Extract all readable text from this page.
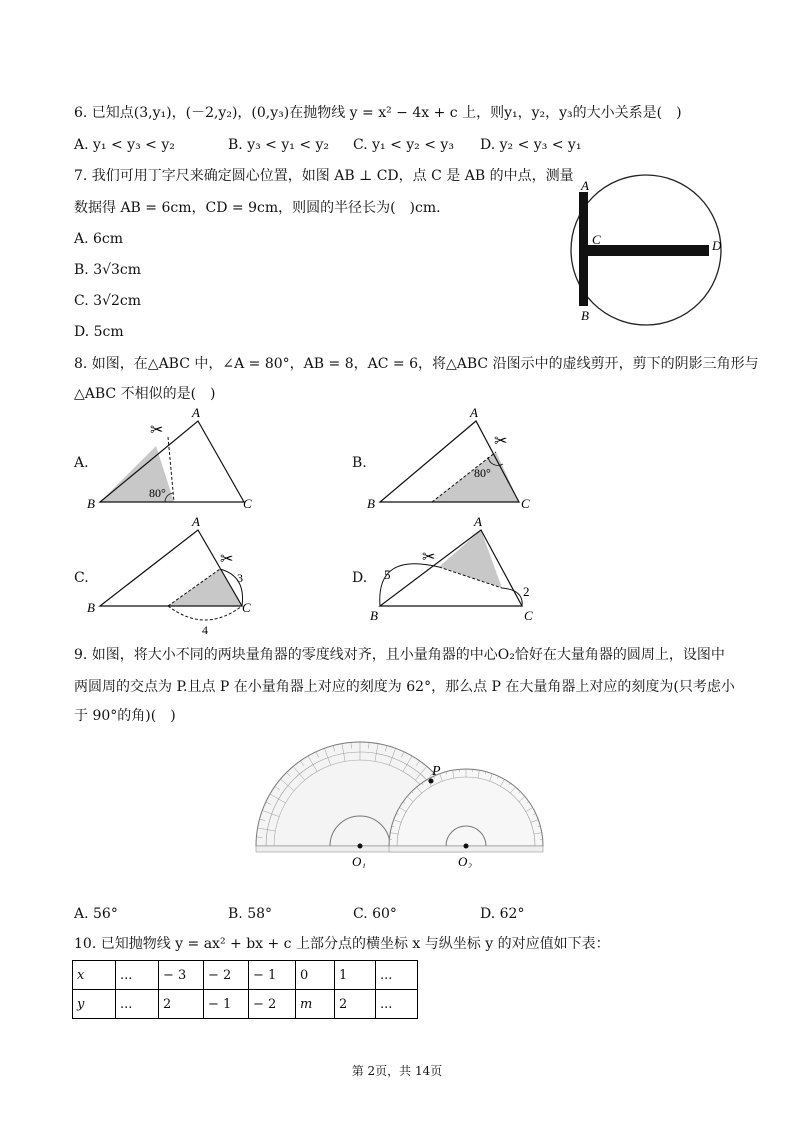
6. 已知点(3,y₁)，(－2,y₂)，(0,y₃)在抛物线 y = x² − 4x + c 上，则y₁，y₂，y₃的大小关系是(　)
A. y₁ < y₃ < y₂	B. y₃ < y₁ < y₂ C. y₁ < y₂ < y₃ D. y₂ < y₃ < y₁
7. 我们可用丁字尺来确定圆心位置，如图 AB ⊥ CD，点 C 是 AB 的中点，测量
数据得 AB = 6cm，CD = 9cm，则圆的半径长为(　)cm.
A. 6cm
B. 3√3cm
C. 3√2cm
D. 5cm
A
B
C	D
8. 如图，在△ABC 中，∠A = 80°，AB = 8，AC = 6，将△ABC 沿图示中的虚线剪开，剪下的阴影三角形与
△ABC 不相似的是(　)
A.
✂
80°
A
B	C
B.
✂
80°
A
B	C
C.
✂
3
4
A
B	C
D.
✂
5
2
A
B	C
9. 如图，将大小不同的两块量角器的零度线对齐，且小量角器的中心O₂恰好在大量角器的圆周上，设图中
两圆周的交点为 P.且点 P 在小量角器上对应的刻度为 62°，那么点 P 在大量角器上对应的刻度为(只考虑小
于 90°的角)(　)
P
O₁	O₂
A. 56°	B. 58°	C. 60°	D. 62°
10. 已知抛物线 y = ax² + bx + c 上部分点的横坐标 x 与纵坐标 y 的对应值如下表：
x	...	− 3	− 2	− 1	0	1	...
y	...	2	− 1	− 2	m	2	...
第 2页，共 14页
